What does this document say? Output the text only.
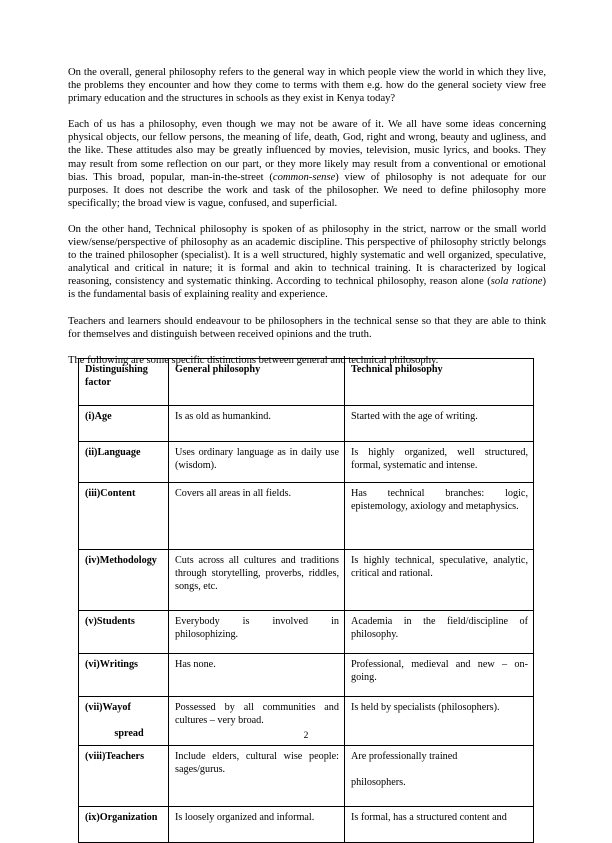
On the overall, general philosophy refers to the general way in which people view the world in which they live, the problems they encounter and how they come to terms with them e.g. how do the general society view free primary education and the structures in schools as they exist in Kenya today?

Each of us has a philosophy, even though we may not be aware of it. We all have some ideas concerning physical objects, our fellow persons, the meaning of life, death, God, right and wrong, beauty and ugliness, and the like. These attitudes also may be greatly influenced by movies, television, music lyrics, and books. They may result from some reflection on our part, or they more likely may result from a conventional or emotional bias. This broad, popular, man-in-the-street (common-sense) view of philosophy is not adequate for our purposes. It does not describe the work and task of the philosopher. We need to define philosophy more specifically; the broad view is vague, confused, and superficial.

On the other hand, Technical philosophy is spoken of as philosophy in the strict, narrow or the small world view/sense/perspective of philosophy as an academic discipline. This perspective of philosophy strictly belongs to the trained philosopher (specialist). It is a well structured, highly systematic and well organized, speculative, analytical and critical in nature; it is formal and akin to technical training. It is characterized by logical reasoning, consistency and systematic thinking. According to technical philosophy, reason alone (sola ratione) is the fundamental basis of explaining reality and experience.

Teachers and learners should endeavour to be philosophers in the technical sense so that they are able to think for themselves and distinguish between received opinions and the truth.

The following are some specific distinctions between general and technical philosophy.

Distinguishing
factor	General philosophy	Technical philosophy

(i)Age	Is as old as humankind.	Started with the age of writing.

(ii)Language	Uses ordinary language as in daily use (wisdom).	Is highly organized, well structured, formal, systematic and intense.

(iii)Content	Covers all areas in all fields.	Has technical branches: logic, epistemology, axiology and metaphysics.

(iv)Methodology	Cuts across all cultures and traditions through storytelling, proverbs, riddles, songs, etc.	Is highly technical, speculative, analytic, critical and rational.

(v)Students	Everybody is involved in philosophizing.	Academia in the field/discipline of philosophy.

(vi)Writings	Has none.	Professional, medieval and new – on-going.

(vii)Wayof
spread	Possessed by all communities and cultures – very broad.	Is held by specialists (philosophers).

(viii)Teachers	Include elders, cultural wise people: sages/gurus.	Are professionally trained

philosophers.

(ix)Organization	Is loosely organized and informal.	Is formal, has a structured content and
2
